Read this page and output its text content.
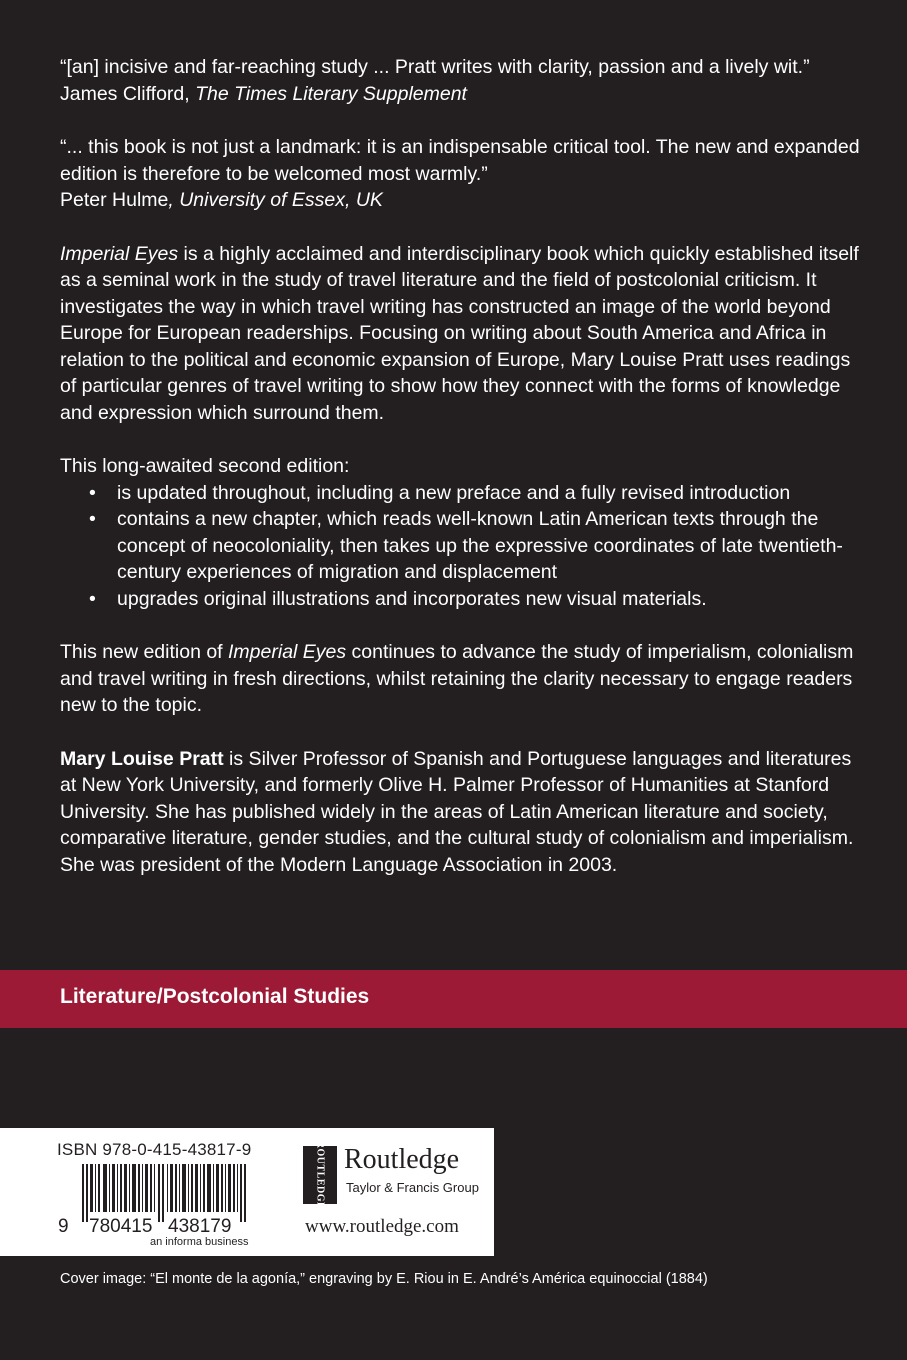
“[an] incisive and far-reaching study ... Pratt writes with clarity, passion and a lively wit.”

James Clifford, The Times Literary Supplement

“... this book is not just a landmark: it is an indispensable critical tool. The new and expanded edition is therefore to be welcomed most warmly.”

Peter Hulme, University of Essex, UK

Imperial Eyes is a highly acclaimed and interdisciplinary book which quickly established itself as a seminal work in the study of travel literature and the field of postcolonial criticism. It investigates the way in which travel writing has constructed an image of the world beyond Europe for European readerships. Focusing on writing about South America and Africa in relation to the political and economic expansion of Europe, Mary Louise Pratt uses readings of particular genres of travel writing to show how they connect with the forms of knowledge and expression which surround them.

This long-awaited second edition:

• is updated throughout, including a new preface and a fully revised introduction
• contains a new chapter, which reads well-known Latin American texts through the concept of neocoloniality, then takes up the expressive coordinates of late twentieth-century experiences of migration and displacement
• upgrades original illustrations and incorporates new visual materials.

This new edition of Imperial Eyes continues to advance the study of imperialism, colonialism and travel writing in fresh directions, whilst retaining the clarity necessary to engage readers new to the topic.

Mary Louise Pratt is Silver Professor of Spanish and Portuguese languages and literatures at New York University, and formerly Olive H. Palmer Professor of Humanities at Stanford University. She has published widely in the areas of Latin American literature and society, comparative literature, gender studies, and the cultural study of colonialism and imperialism. She was president of the Modern Language Association in 2003.

Literature/Postcolonial Studies
ISBN 978-0-415-43817-9
9 780415 438179
an informa business
ROUTLEDGE Routledge
Taylor & Francis Group
www.routledge.com
Cover image: “El monte de la agonía,” engraving by E. Riou in E. André’s América equinoccial (1884)
